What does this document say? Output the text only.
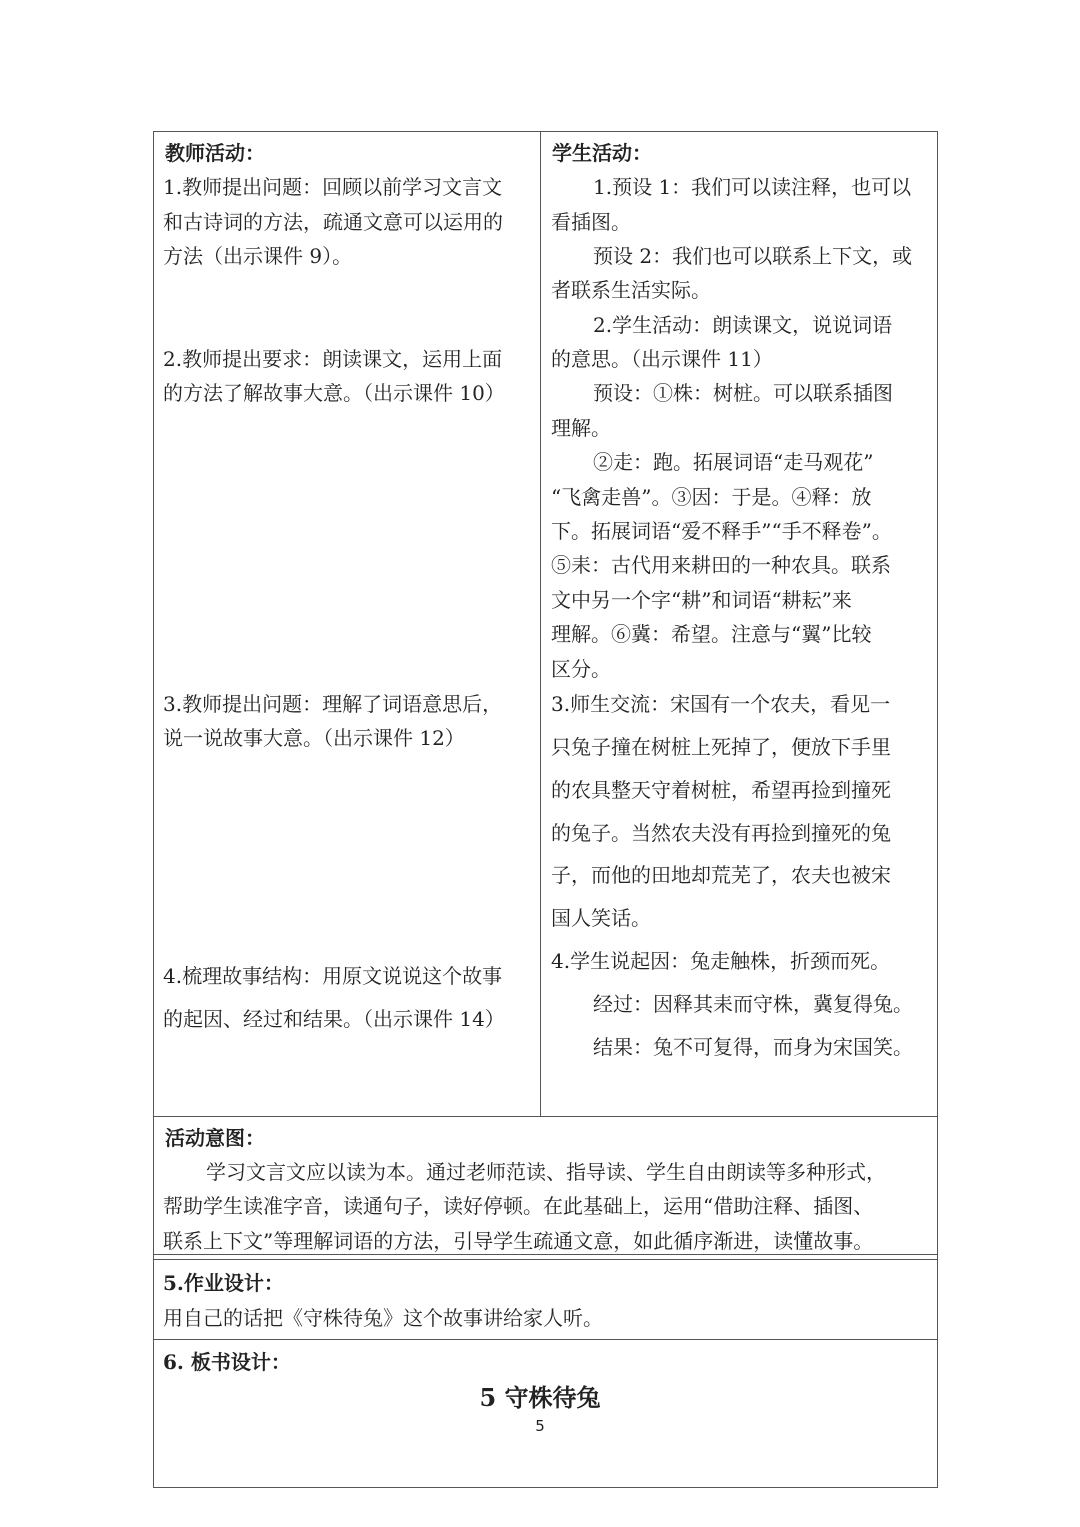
教师活动：
1.教师提出问题：回顾以前学习文言文
和古诗词的方法，疏通文意可以运用的
方法（出示课件 9）。
2.教师提出要求：朗读课文，运用上面
的方法了解故事大意。（出示课件 10）
3.教师提出问题：理解了词语意思后，
说一说故事大意。（出示课件 12）
4.梳理故事结构：用原文说说这个故事
的起因、经过和结果。（出示课件 14）
学生活动：
1.预设 1：我们可以读注释，也可以
看插图。
预设 2：我们也可以联系上下文，或
者联系生活实际。
2.学生活动：朗读课文，说说词语
的意思。（出示课件 11）
预设：①株：树桩。可以联系插图
理解。
②走：跑。拓展词语“走马观花”
“飞禽走兽”。③因：于是。④释：放
下。拓展词语“爱不释手”“手不释卷”。
⑤耒：古代用来耕田的一种农具。联系
文中另一个字“耕”和词语“耕耘”来
理解。⑥冀：希望。注意与“翼”比较
区分。
3.师生交流：宋国有一个农夫，看见一
只兔子撞在树桩上死掉了，便放下手里
的农具整天守着树桩，希望再捡到撞死
的兔子。当然农夫没有再捡到撞死的兔
子，而他的田地却荒芜了，农夫也被宋
国人笑话。
4.学生说起因：兔走触株，折颈而死。
经过：因释其耒而守株，冀复得兔。
结果：兔不可复得，而身为宋国笑。
活动意图：
学习文言文应以读为本。通过老师范读、指导读、学生自由朗读等多种形式，
帮助学生读准字音，读通句子，读好停顿。在此基础上，运用“借助注释、插图、
联系上下文”等理解词语的方法，引导学生疏通文意，如此循序渐进，读懂故事。
5.作业设计：
用自己的话把《守株待兔》这个故事讲给家人听。
6. 板书设计：
5 守株待兔
5
